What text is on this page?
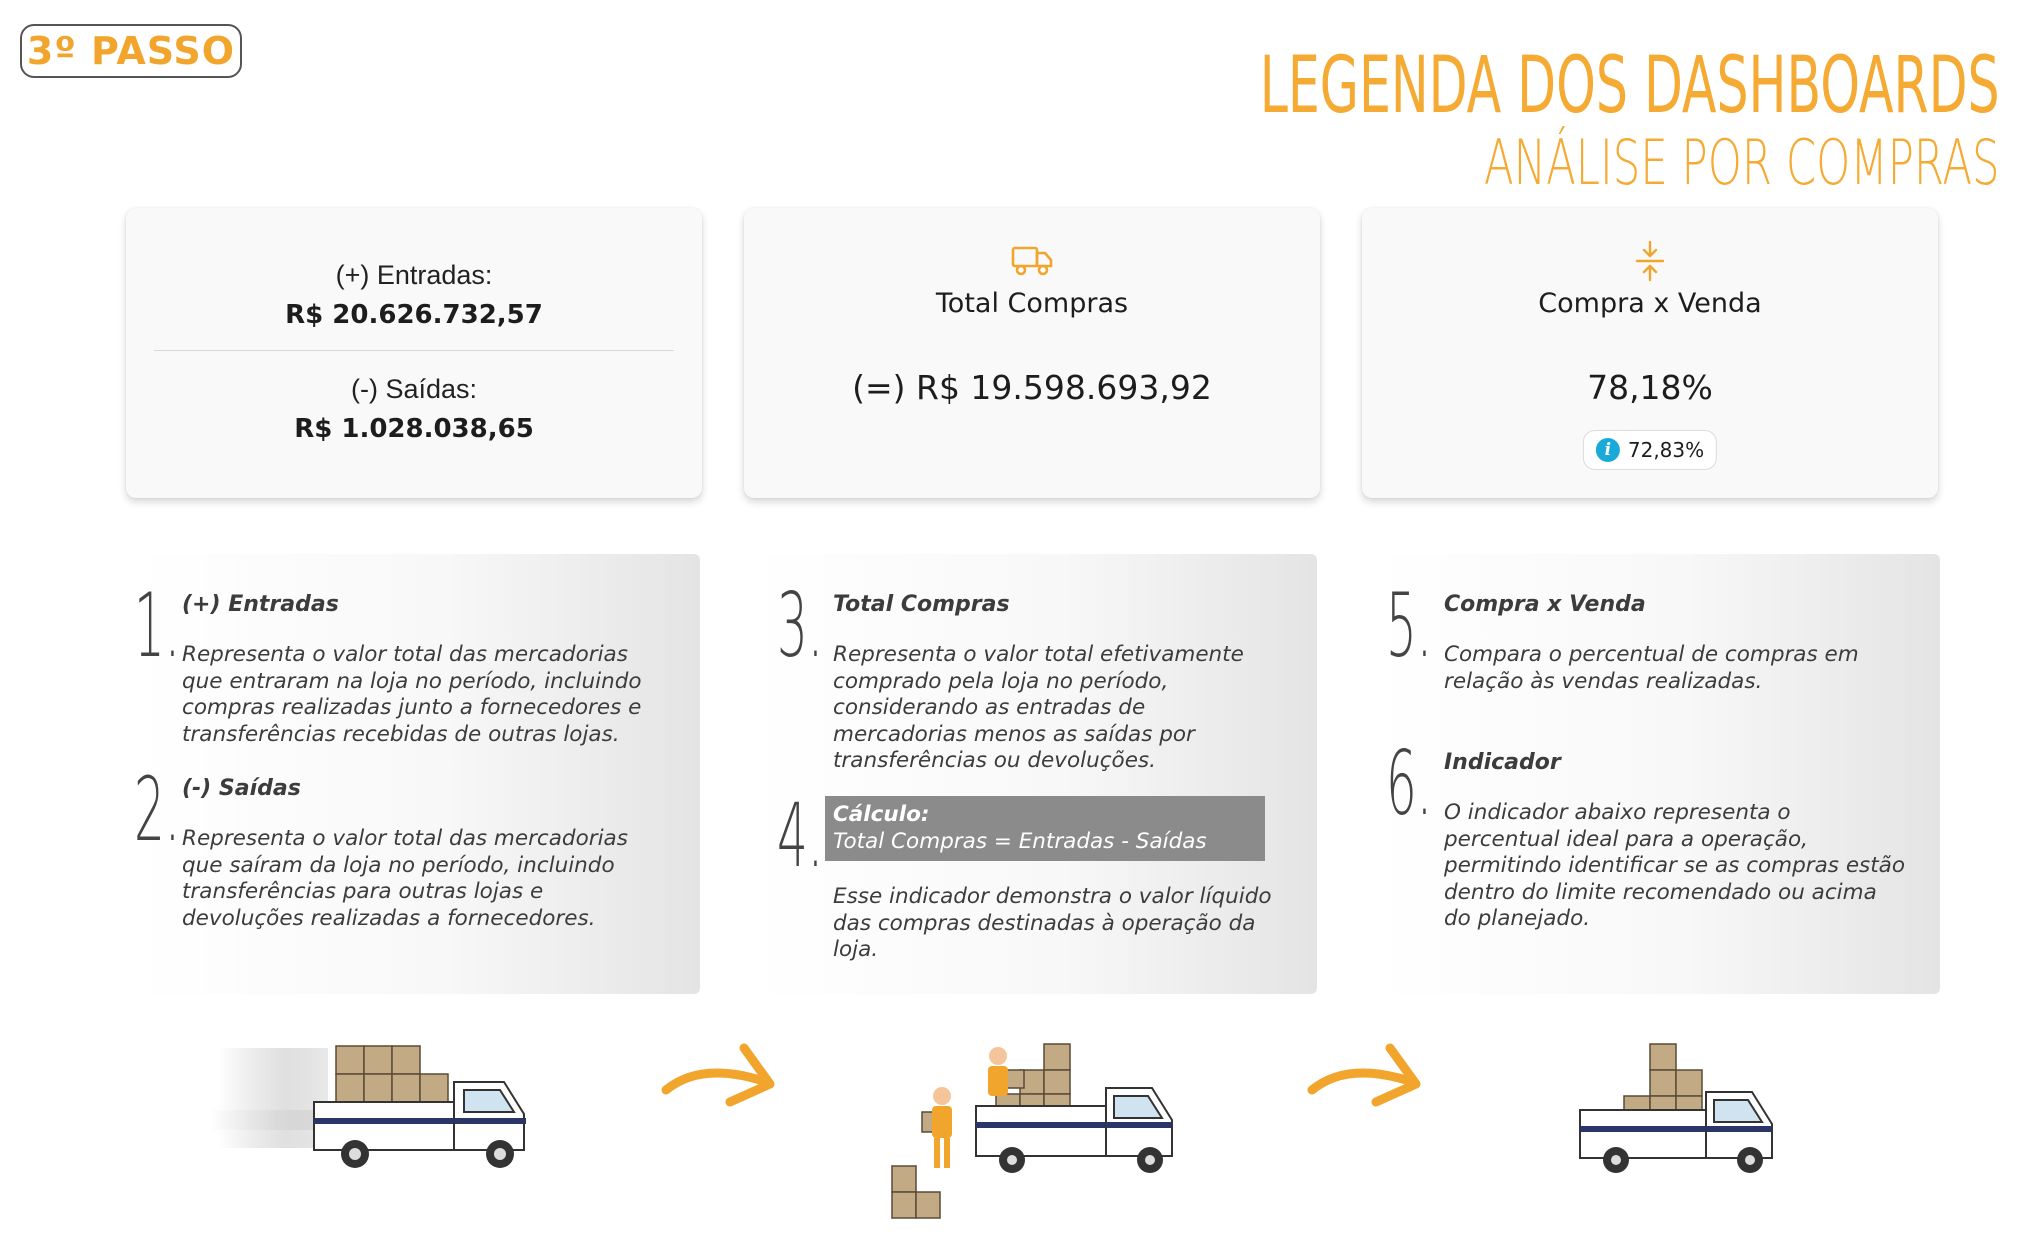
3º PASSO	LEGENDA DOS DASHBOARDS
ANÁLISE POR COMPRAS
(+) Entradas:
R$ 20.626.732,57
(-) Saídas:
R$ 1.028.038,65
Total Compras
(=) R$ 19.598.693,92
Compra x Venda
78,18%
i 72,83%
1. (+) Entradas
Representa o valor total das mercadorias
que entraram na loja no período, incluindo
compras realizadas junto a fornecedores e
transferências recebidas de outras lojas.
2. (-) Saídas
Representa o valor total das mercadorias
que saíram da loja no período, incluindo
transferências para outras lojas e
devoluções realizadas a fornecedores.
3. Total Compras
Representa o valor total efetivamente
comprado pela loja no período,
considerando as entradas de
mercadorias menos as saídas por
transferências ou devoluções.
4. Cálculo:
Total Compras = Entradas - Saídas
Esse indicador demonstra o valor líquido
das compras destinadas à operação da
loja.
5. Compra x Venda
Compara o percentual de compras em
relação às vendas realizadas.
6. Indicador
O indicador abaixo representa o
percentual ideal para a operação,
permitindo identificar se as compras estão
dentro do limite recomendado ou acima
do planejado.
